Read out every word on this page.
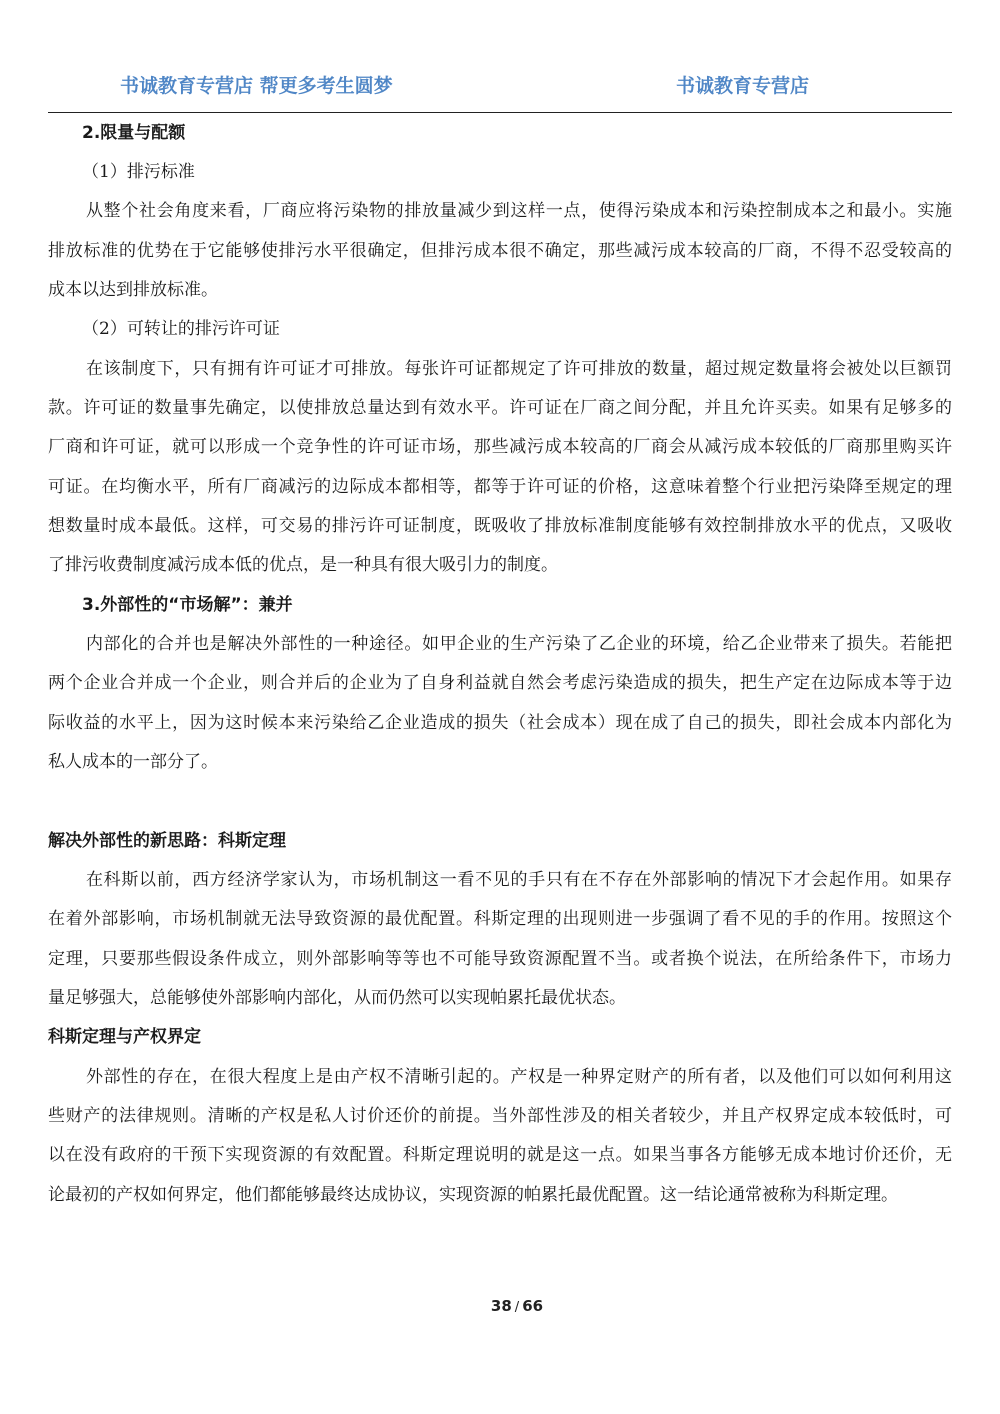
书诚教育专营店 帮更多考生圆梦	书诚教育专营店
2.限量与配额
（1）排污标准
从整个社会角度来看，厂商应将污染物的排放量减少到这样一点，使得污染成本和污染控制成本之和最小。实施
排放标准的优势在于它能够使排污水平很确定，但排污成本很不确定，那些减污成本较高的厂商，不得不忍受较高的
成本以达到排放标准。
（2）可转让的排污许可证
在该制度下，只有拥有许可证才可排放。每张许可证都规定了许可排放的数量，超过规定数量将会被处以巨额罚
款。许可证的数量事先确定，以使排放总量达到有效水平。许可证在厂商之间分配，并且允许买卖。如果有足够多的
厂商和许可证，就可以形成一个竞争性的许可证市场，那些减污成本较高的厂商会从减污成本较低的厂商那里购买许
可证。在均衡水平，所有厂商减污的边际成本都相等，都等于许可证的价格，这意味着整个行业把污染降至规定的理
想数量时成本最低。这样，可交易的排污许可证制度，既吸收了排放标准制度能够有效控制排放水平的优点，又吸收
了排污收费制度减污成本低的优点，是一种具有很大吸引力的制度。
3.外部性的“市场解”：兼并
内部化的合并也是解决外部性的一种途径。如甲企业的生产污染了乙企业的环境，给乙企业带来了损失。若能把
两个企业合并成一个企业，则合并后的企业为了自身利益就自然会考虑污染造成的损失，把生产定在边际成本等于边
际收益的水平上，因为这时候本来污染给乙企业造成的损失（社会成本）现在成了自己的损失，即社会成本内部化为
私人成本的一部分了。
解决外部性的新思路：科斯定理
在科斯以前，西方经济学家认为，市场机制这一看不见的手只有在不存在外部影响的情况下才会起作用。如果存
在着外部影响，市场机制就无法导致资源的最优配置。科斯定理的出现则进一步强调了看不见的手的作用。按照这个
定理，只要那些假设条件成立，则外部影响等等也不可能导致资源配置不当。或者换个说法，在所给条件下，市场力
量足够强大，总能够使外部影响内部化，从而仍然可以实现帕累托最优状态。
科斯定理与产权界定
外部性的存在，在很大程度上是由产权不清晰引起的。产权是一种界定财产的所有者，以及他们可以如何利用这
些财产的法律规则。清晰的产权是私人讨价还价的前提。当外部性涉及的相关者较少，并且产权界定成本较低时，可
以在没有政府的干预下实现资源的有效配置。科斯定理说明的就是这一点。如果当事各方能够无成本地讨价还价，无
论最初的产权如何界定，他们都能够最终达成协议，实现资源的帕累托最优配置。这一结论通常被称为科斯定理。
38 / 66
